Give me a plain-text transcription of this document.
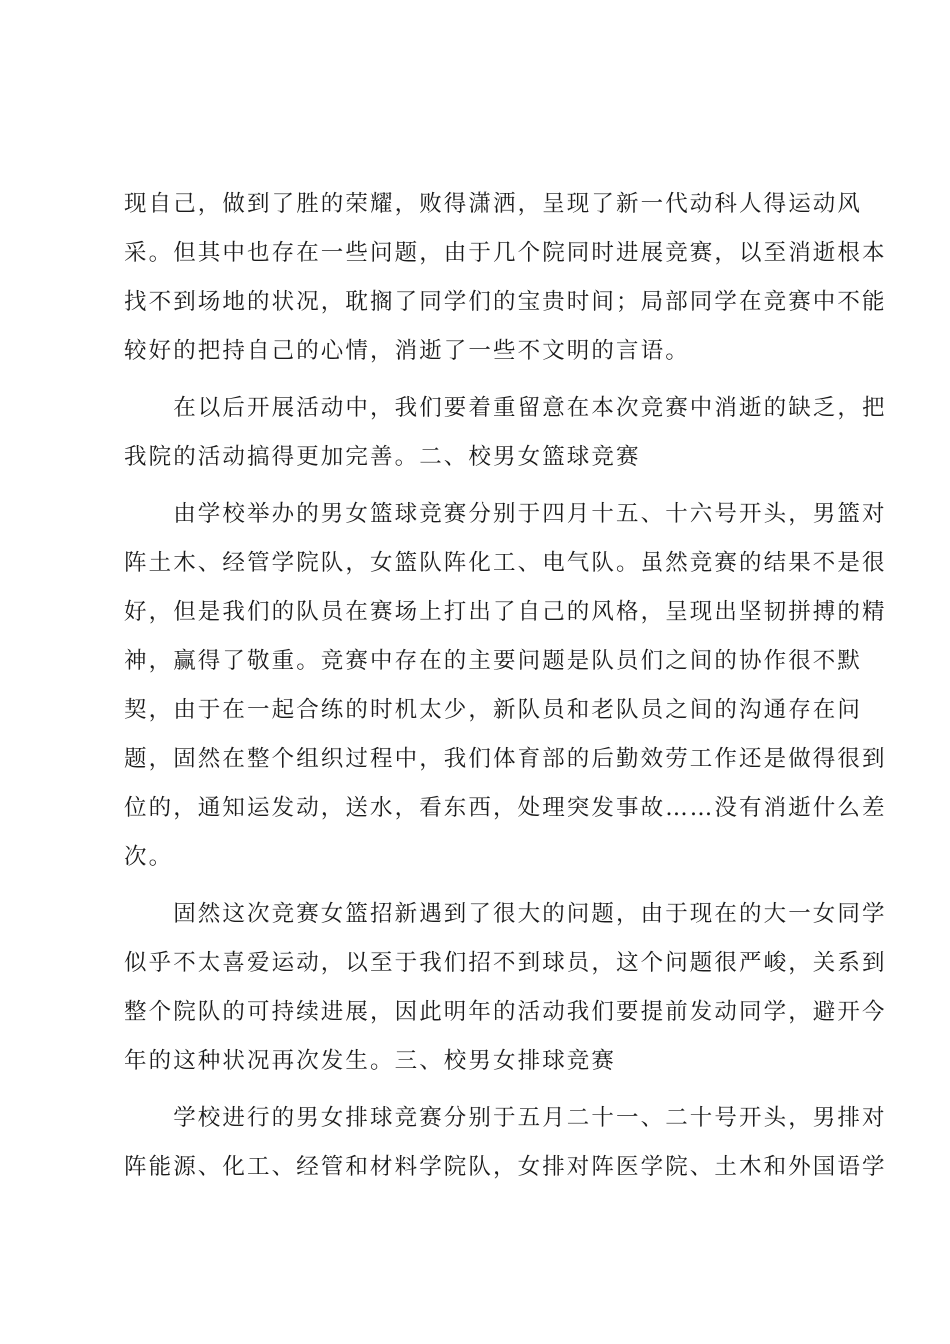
现自己，做到了胜的荣耀，败得潇洒，呈现了新一代动科人得运动风
采。但其中也存在一些问题，由于几个院同时进展竞赛，以至消逝根本
找不到场地的状况，耽搁了同学们的宝贵时间；局部同学在竞赛中不能
较好的把持自己的心情，消逝了一些不文明的言语。
　　在以后开展活动中，我们要着重留意在本次竞赛中消逝的缺乏，把
我院的活动搞得更加完善。二、校男女篮球竞赛
　　由学校举办的男女篮球竞赛分别于四月十五、十六号开头，男篮对
阵土木、经管学院队，女篮队阵化工、电气队。虽然竞赛的结果不是很
好，但是我们的队员在赛场上打出了自己的风格，呈现出坚韧拼搏的精
神，赢得了敬重。竞赛中存在的主要问题是队员们之间的协作很不默
契，由于在一起合练的时机太少，新队员和老队员之间的沟通存在问
题，固然在整个组织过程中，我们体育部的后勤效劳工作还是做得很到
位的，通知运发动，送水，看东西，处理突发事故……没有消逝什么差
次。
　　固然这次竞赛女篮招新遇到了很大的问题，由于现在的大一女同学
似乎不太喜爱运动，以至于我们招不到球员，这个问题很严峻，关系到
整个院队的可持续进展，因此明年的活动我们要提前发动同学，避开今
年的这种状况再次发生。三、校男女排球竞赛
　　学校进行的男女排球竞赛分别于五月二十一、二十号开头，男排对
阵能源、化工、经管和材料学院队，女排对阵医学院、土木和外国语学
